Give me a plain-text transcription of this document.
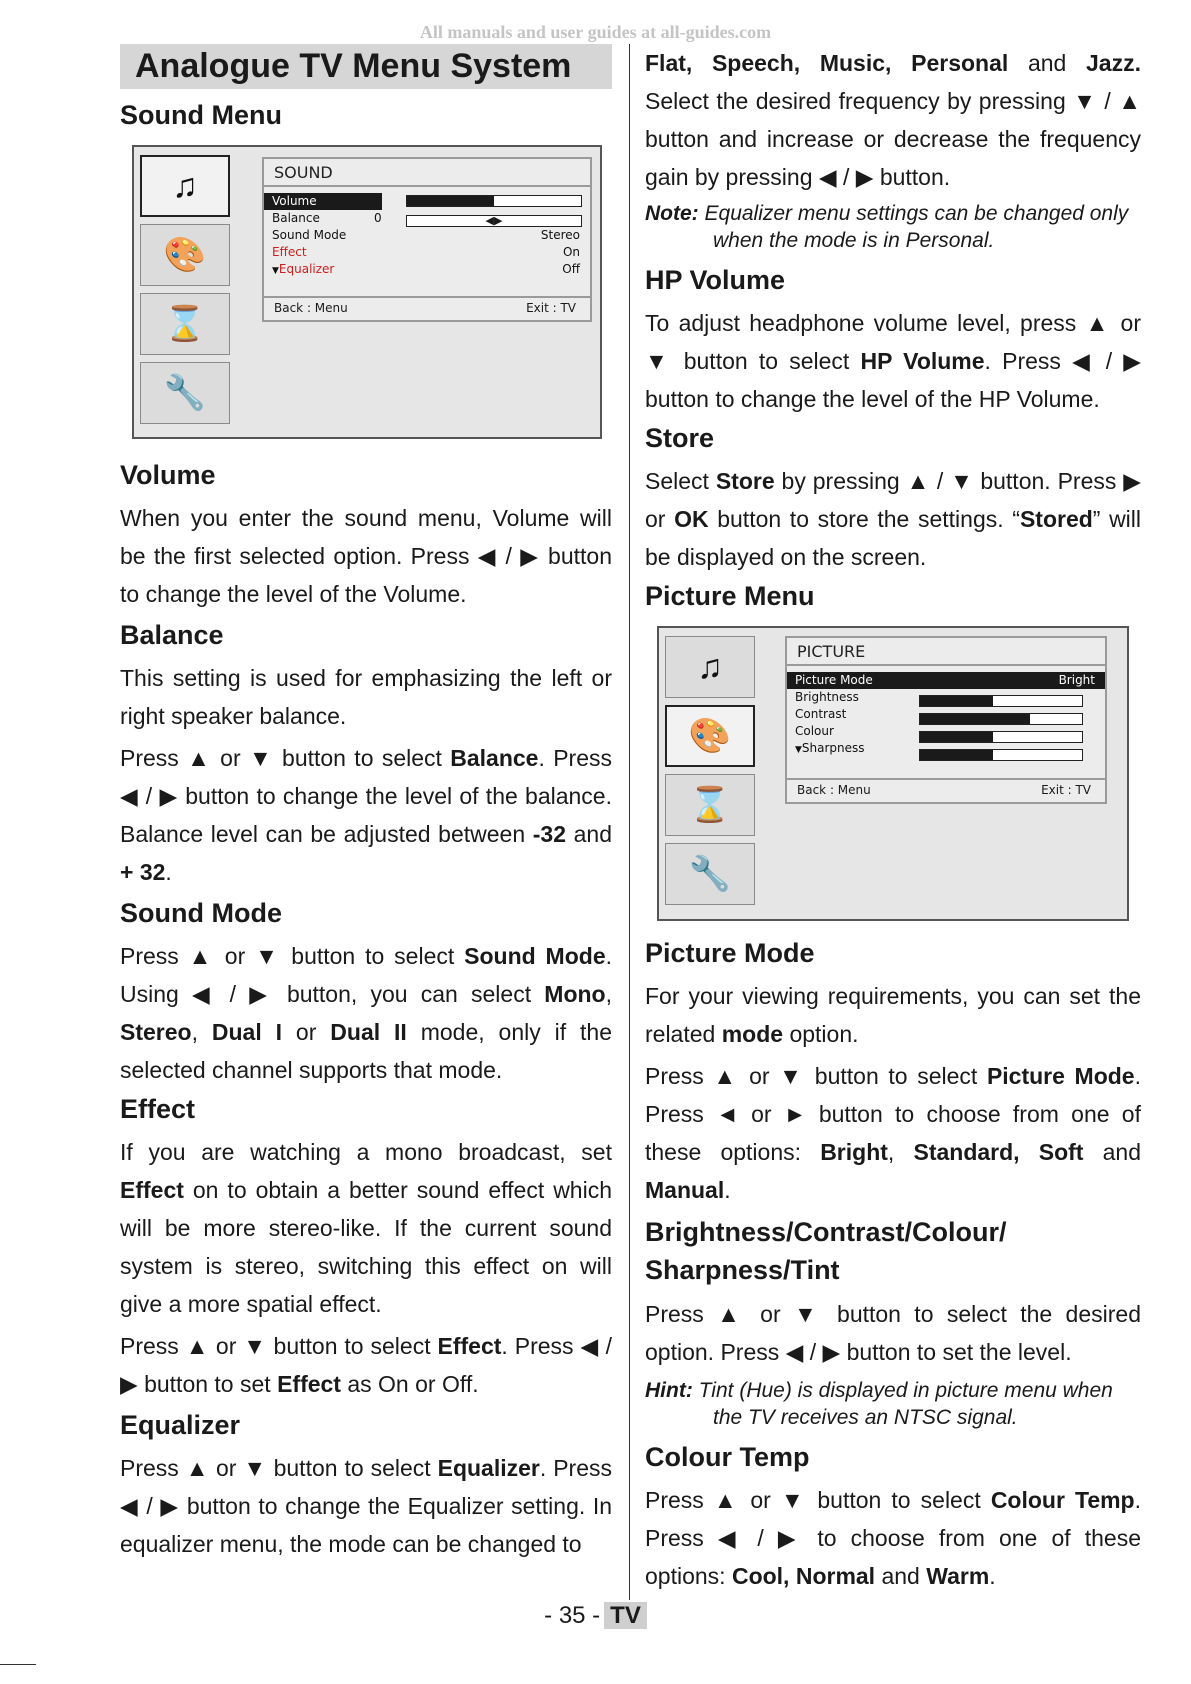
All manuals and user guides at all-guides.com
Analogue TV Menu System
Sound Menu
♫
🎨
⌛
🔧
SOUND
Volume
Balance	0	◀▶
Sound Mode	Stereo
Effect	On
▼Equalizer	Off
Back : Menu	Exit : TV
Volume

When you enter the sound menu, Volume will be the first selected option. Press ◀ / ▶ button to change the level of the Volume.

Balance

This setting is used for emphasizing the left or right speaker balance.

Press ▲ or ▼ button to select Balance. Press ◀ / ▶ button to change the level of the balance. Balance level can be adjusted between -32 and + 32.

Sound Mode

Press ▲ or ▼ button to select Sound Mode. Using ◀ / ▶ button, you can select Mono, Stereo, Dual I or Dual II mode, only if the selected channel supports that mode.

Effect

If you are watching a mono broadcast, set Effect on to obtain a better sound effect which will be more stereo-like. If the current sound system is stereo, switching this effect on will give a more spatial effect.

Press ▲ or ▼ button to select Effect. Press ◀ / ▶ button to set Effect as On or Off.

Equalizer

Press ▲ or ▼ button to select Equalizer. Press ◀ / ▶ button to change the Equalizer setting. In equalizer menu, the mode can be changed to

Flat, Speech, Music, Personal and Jazz. Select the desired frequency by pressing ▼ / ▲ button and increase or decrease the frequency gain by pressing ◀ / ▶ button.

Note: Equalizer menu settings can be changed only
when the mode is in Personal.
HP Volume

To adjust headphone volume level, press ▲ or ▼ button to select HP Volume. Press ◀ / ▶ button to change the level of the HP Volume.

Store

Select Store by pressing ▲ / ▼ button. Press ▶ or OK button to store the settings. “Stored” will be displayed on the screen.

Picture Menu
♫
🎨
⌛
🔧
PICTURE
Picture Mode	Bright
Brightness
Contrast
Colour
▼Sharpness
Back : Menu	Exit : TV
Picture Mode

For your viewing requirements, you can set the related mode option.

Press ▲ or ▼ button to select Picture Mode. Press ◄ or ► button to choose from one of these options: Bright, Standard, Soft and Manual.

Brightness/Contrast/Colour/ Sharpness/Tint

Press ▲ or ▼ button to select the desired option. Press ◀ / ▶ button to set the level.

Hint: Tint (Hue) is displayed in picture menu when
the TV receives an NTSC signal.
Colour Temp

Press ▲ or ▼ button to select Colour Temp. Press ◀ / ▶ to choose from one of these options: Cool, Normal and Warm.

- 35 - TV
